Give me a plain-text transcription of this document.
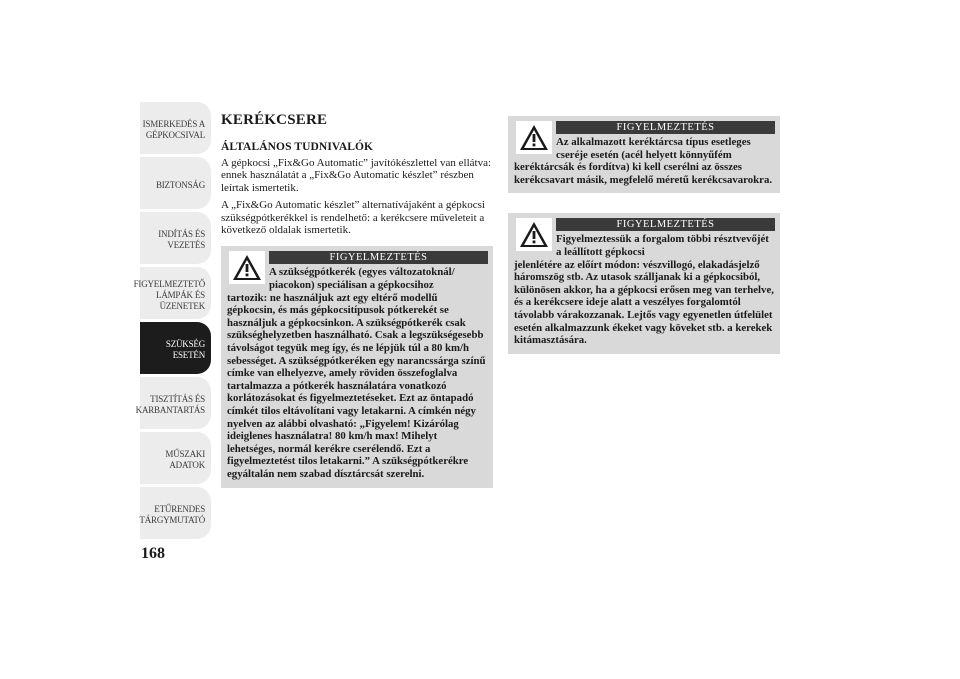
ISMERKEDÉS A
GÉPKOCSIVAL
BIZTONSÁG
INDÍTÁS ÉS
VEZETÉS
FIGYELMEZTETŐ
LÁMPÁK ÉS
ÜZENETEK
SZÜKSÉG ESETÉN
TISZTÍTÁS ÉS
KARBANTARTÁS
MŰSZAKI ADATOK
ETŰRENDES
TÁRGYMUTATÓ
168
KERÉKCSERE
ÁLTALÁNOS TUDNIVALÓK

A gépkocsi „Fix&Go Automatic” javítókészlettel van ellátva: ennek használatát a „Fix&Go Automatic készlet” részben leírtak ismertetik.

A „Fix&Go Automatic készlet” alternatívájaként a gépkocsi szükségpótkerékkel is rendelhető: a kerékcsere műveleteit a következő oldalak ismertetik.

FIGYELMEZTETÉS
A szükségpótkerék (egyes változatoknál/ piacokon) speciálisan a gépkocsihoz
tartozik: ne használjuk azt egy eltérő modellű gépkocsin, és más gépkocsitípusok pótkerekét se használjuk a gépkocsinkon. A szükségpótkerék csak szükséghelyzetben használható. Csak a legszükségesebb távolságot tegyük meg így, és ne lépjük túl a 80 km/h sebességet. A szükségpótkeréken egy narancssárga színű címke van elhelyezve, amely röviden összefoglalva tartalmazza a pótkerék használatára vonatkozó korlátozásokat és figyelmeztetéseket. Ezt az öntapadó címkét tilos eltávolítani vagy letakarni. A címkén négy nyelven az alábbi olvasható: „Figyelem! Kizárólag ideiglenes használatra! 80 km/h max! Mihelyt lehetséges, normál kerékre cserélendő. Ezt a figyelmeztetést tilos letakarni.” A szükségpótkerékre egyáltalán nem szabad dísztárcsát szerelni.
FIGYELMEZTETÉS
Az alkalmazott keréktárcsa típus esetleges cseréje esetén (acél helyett könnyűfém
keréktárcsák és fordítva) ki kell cserélni az összes kerékcsavart másik, megfelelő méretű kerékcsavarokra.
FIGYELMEZTETÉS
Figyelmeztessük a forgalom többi résztvevőjét a leállított gépkocsi
jelenlétére az előírt módon: vészvillogó, elakadásjelző háromszög stb. Az utasok szálljanak ki a gépkocsiból, különösen akkor, ha a gépkocsi erősen meg van terhelve, és a kerékcsere ideje alatt a veszélyes forgalomtól távolabb várakozzanak. Lejtős vagy egyenetlen útfelület esetén alkalmazzunk ékeket vagy köveket stb. a kerekek kitámasztására.
